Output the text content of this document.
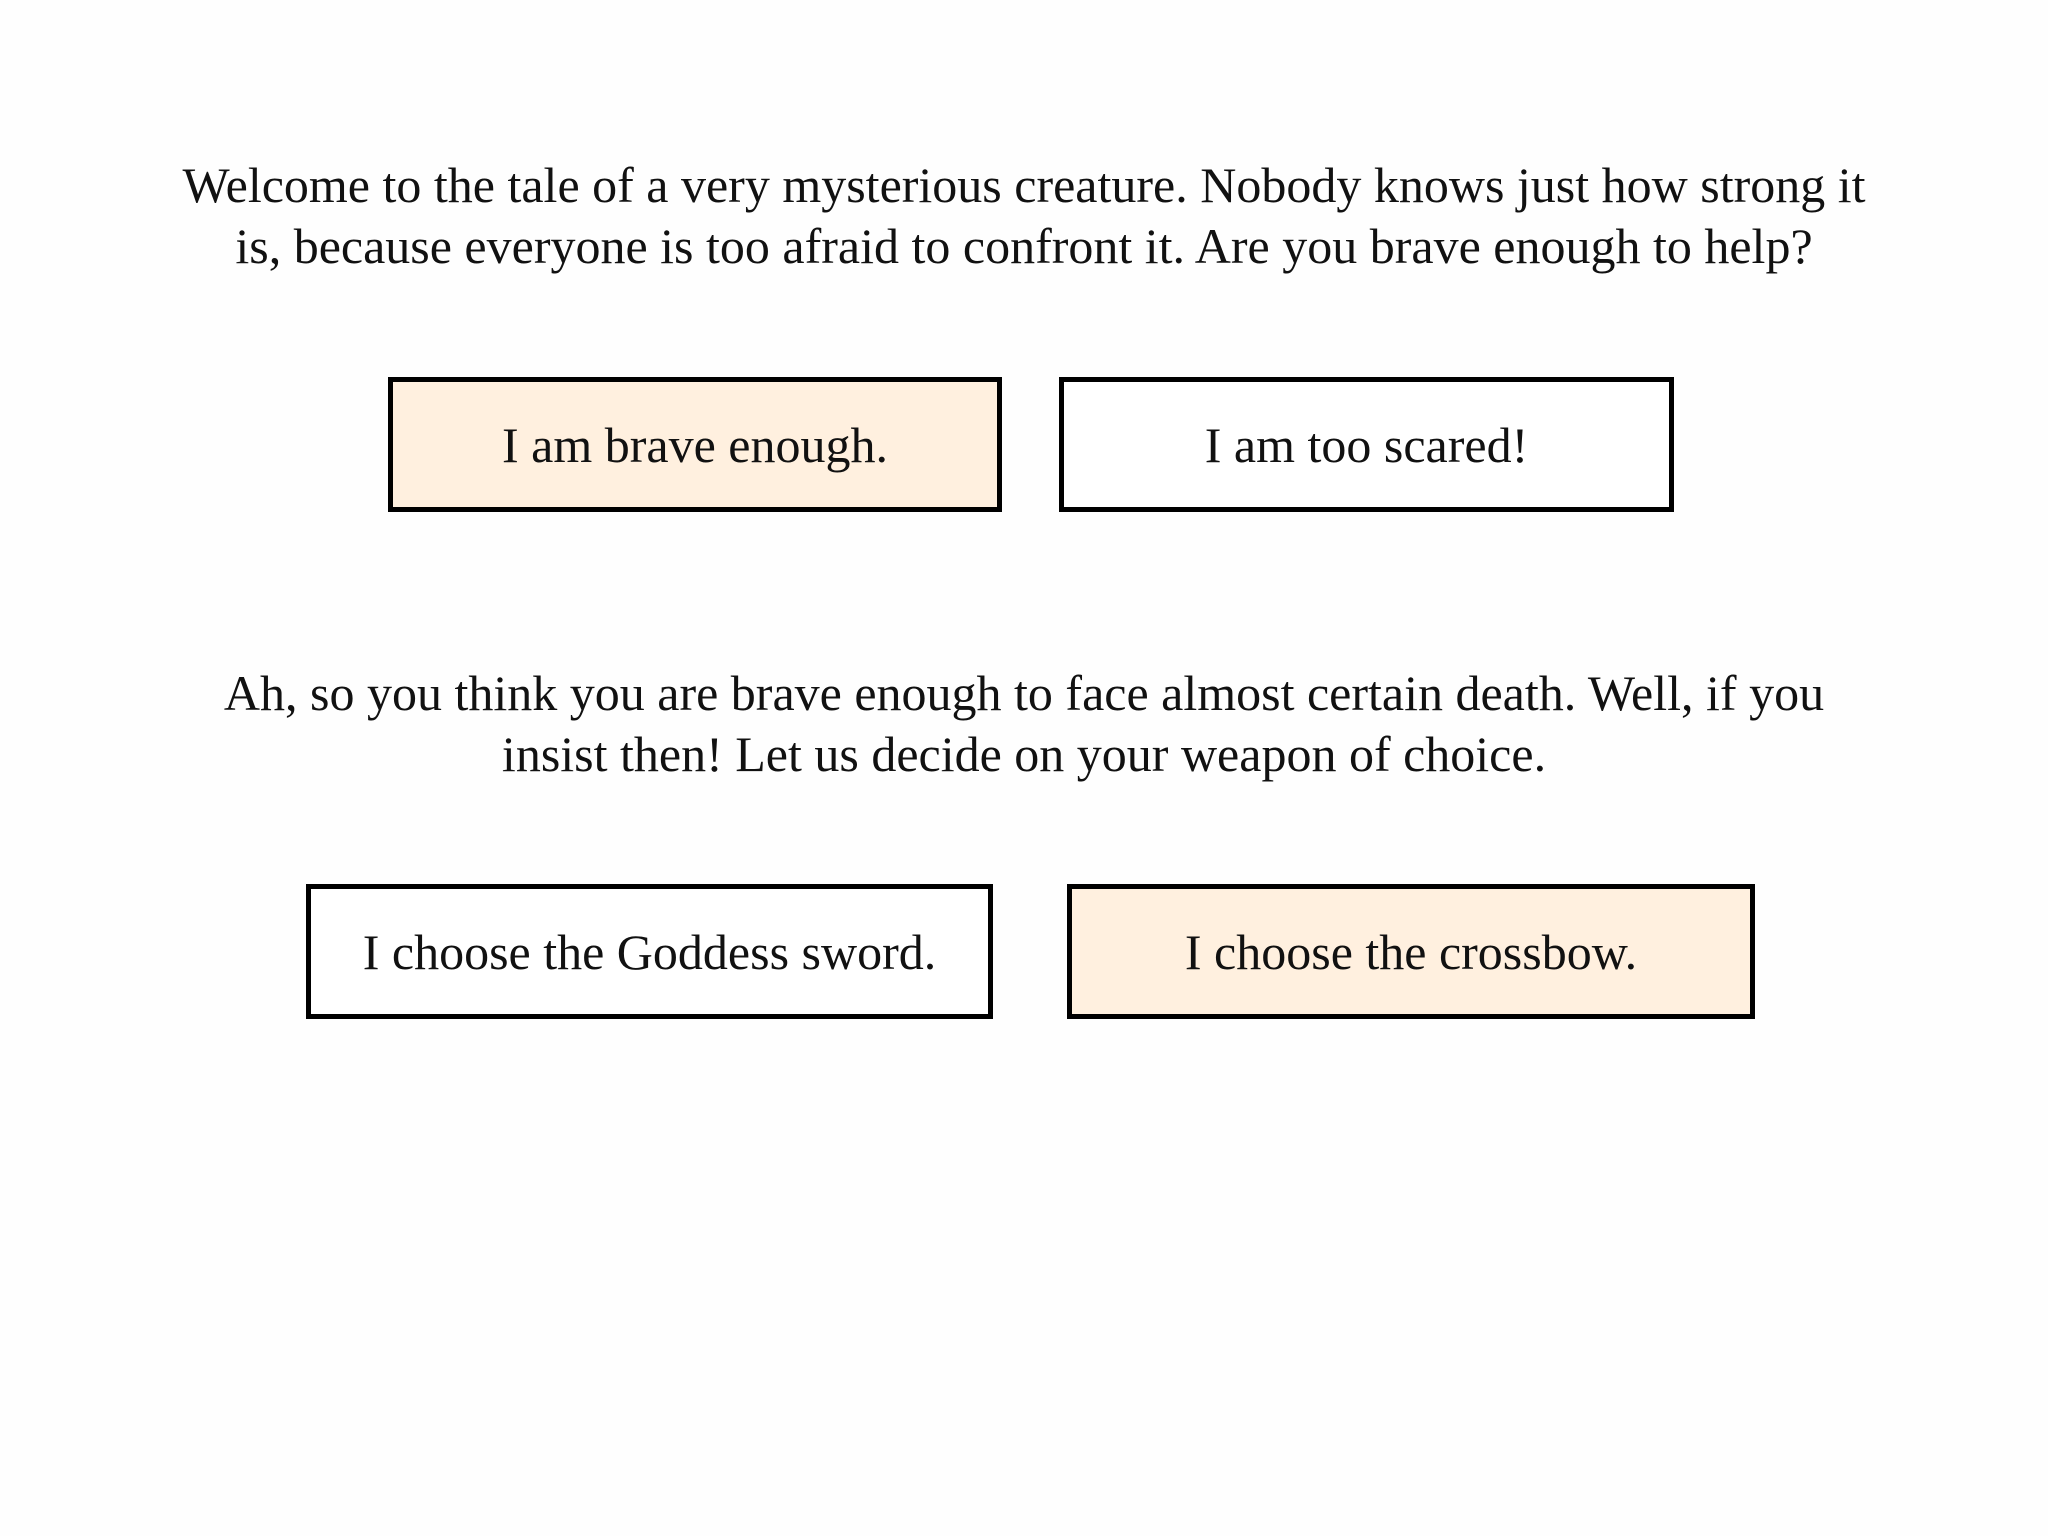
Welcome to the tale of a very mysterious creature. Nobody knows just how strong it
is, because everyone is too afraid to confront it. Are you brave enough to help?

I am brave enough.	I am too scared!

Ah, so you think you are brave enough to face almost certain death. Well, if you
insist then! Let us decide on your weapon of choice.

I choose the Goddess sword.	I choose the crossbow.
